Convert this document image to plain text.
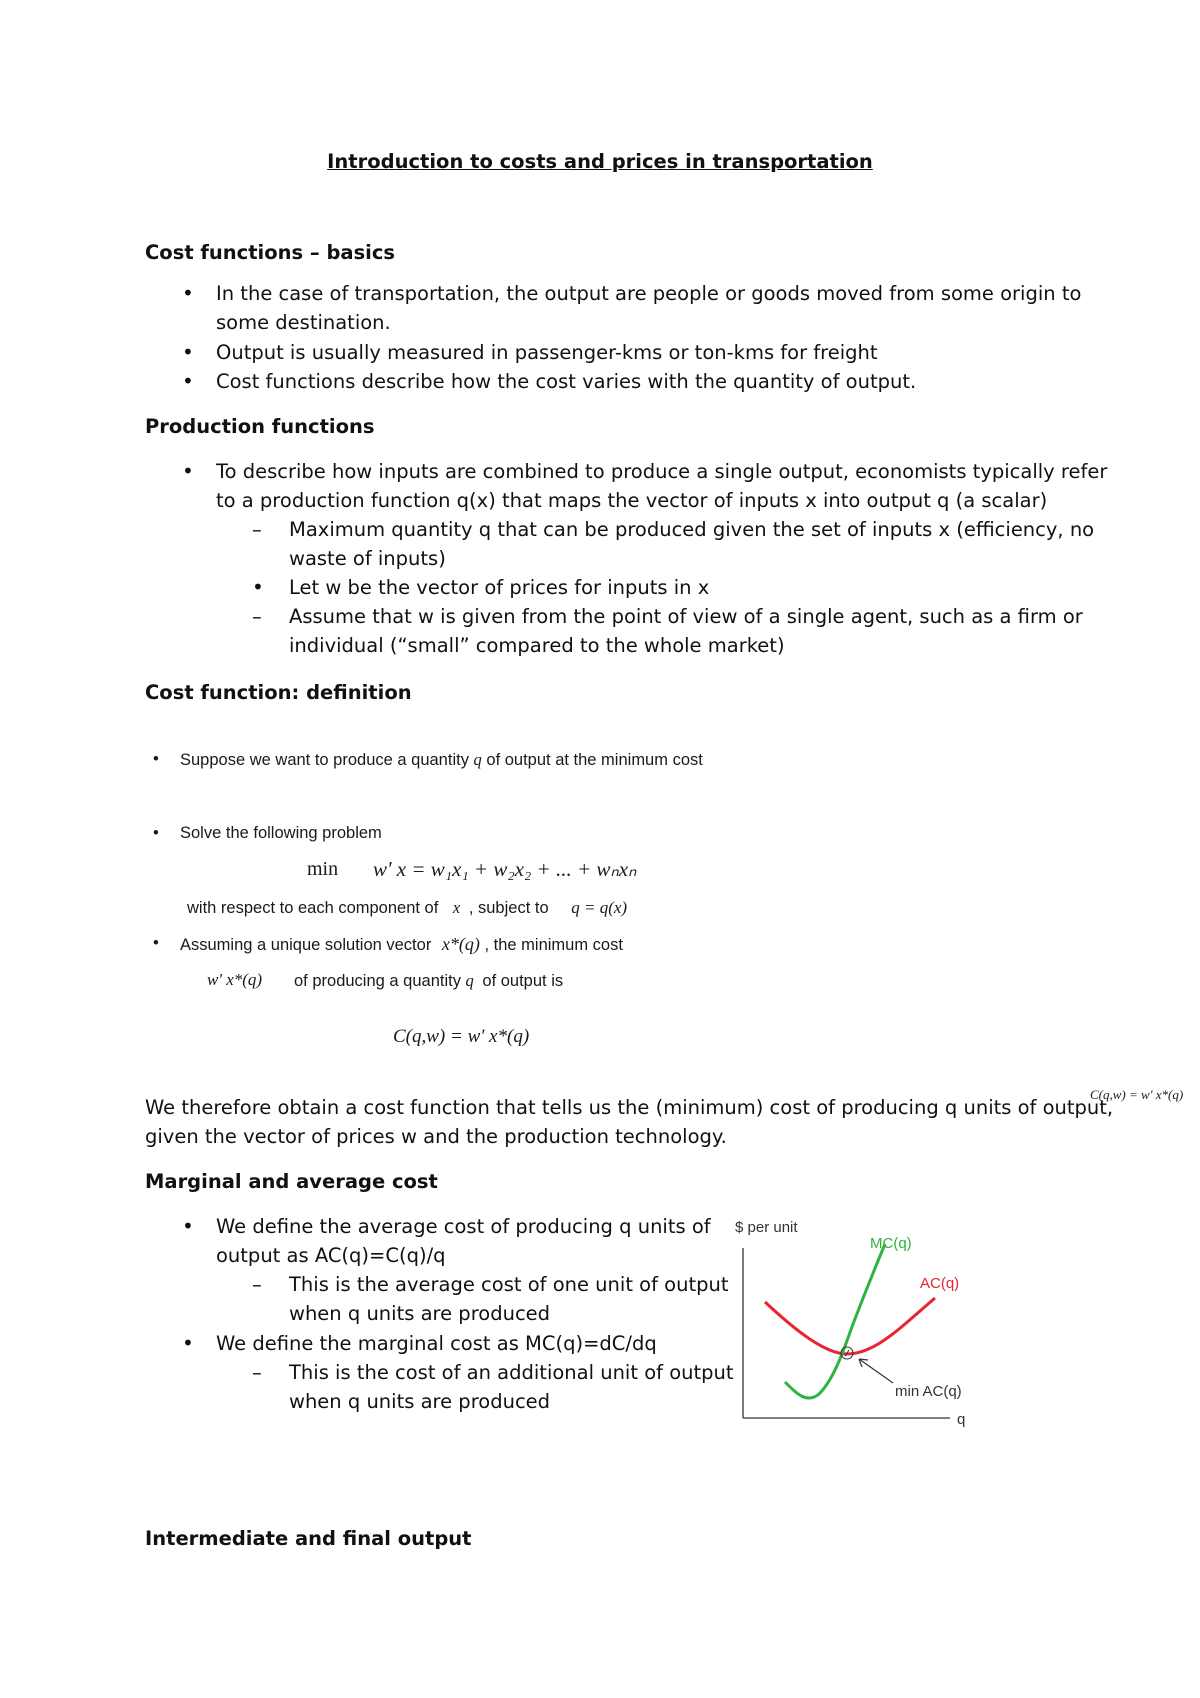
Introduction to costs and prices in transportation
Cost functions – basics
• In the case of transportation, the output are people or goods moved from some origin to
some destination.
• Output is usually measured in passenger-kms or ton-kms for freight
• Cost functions describe how the cost varies with the quantity of output.
Production functions
• To describe how inputs are combined to produce a single output, economists typically refer
to a production function q(x) that maps the vector of inputs x into output q (a scalar)
– Maximum quantity q that can be produced given the set of inputs x (efficiency, no
waste of inputs)
• Let w be the vector of prices for inputs in x
– Assume that w is given from the point of view of a single agent, such as a firm or
individual (“small” compared to the whole market)
Cost function: definition
• Suppose we want to produce a quantity q of output at the minimum cost
• Solve the following problem
min w' x = w₁x₁ + w₂x₂ + ... + wₙxₙ
with respect to each component of x , subject to q = q(x)
• Assuming a unique solution vector x*(q) , the minimum cost
w' x*(q) of producing a quantity q of output is
C(q,w) = w' x*(q)
C(q,w) = w' x*(q)
We therefore obtain a cost function that tells us the (minimum) cost of producing q units of output,
given the vector of prices w and the production technology.
Marginal and average cost
• We define the average cost of producing q units of
output as AC(q)=C(q)/q
– This is the average cost of one unit of output
when q units are produced
• We define the marginal cost as MC(q)=dC/dq
– This is the cost of an additional unit of output
when q units are produced
$ per unit
q
MC(q)
AC(q)
min AC(q)
Intermediate and final output
